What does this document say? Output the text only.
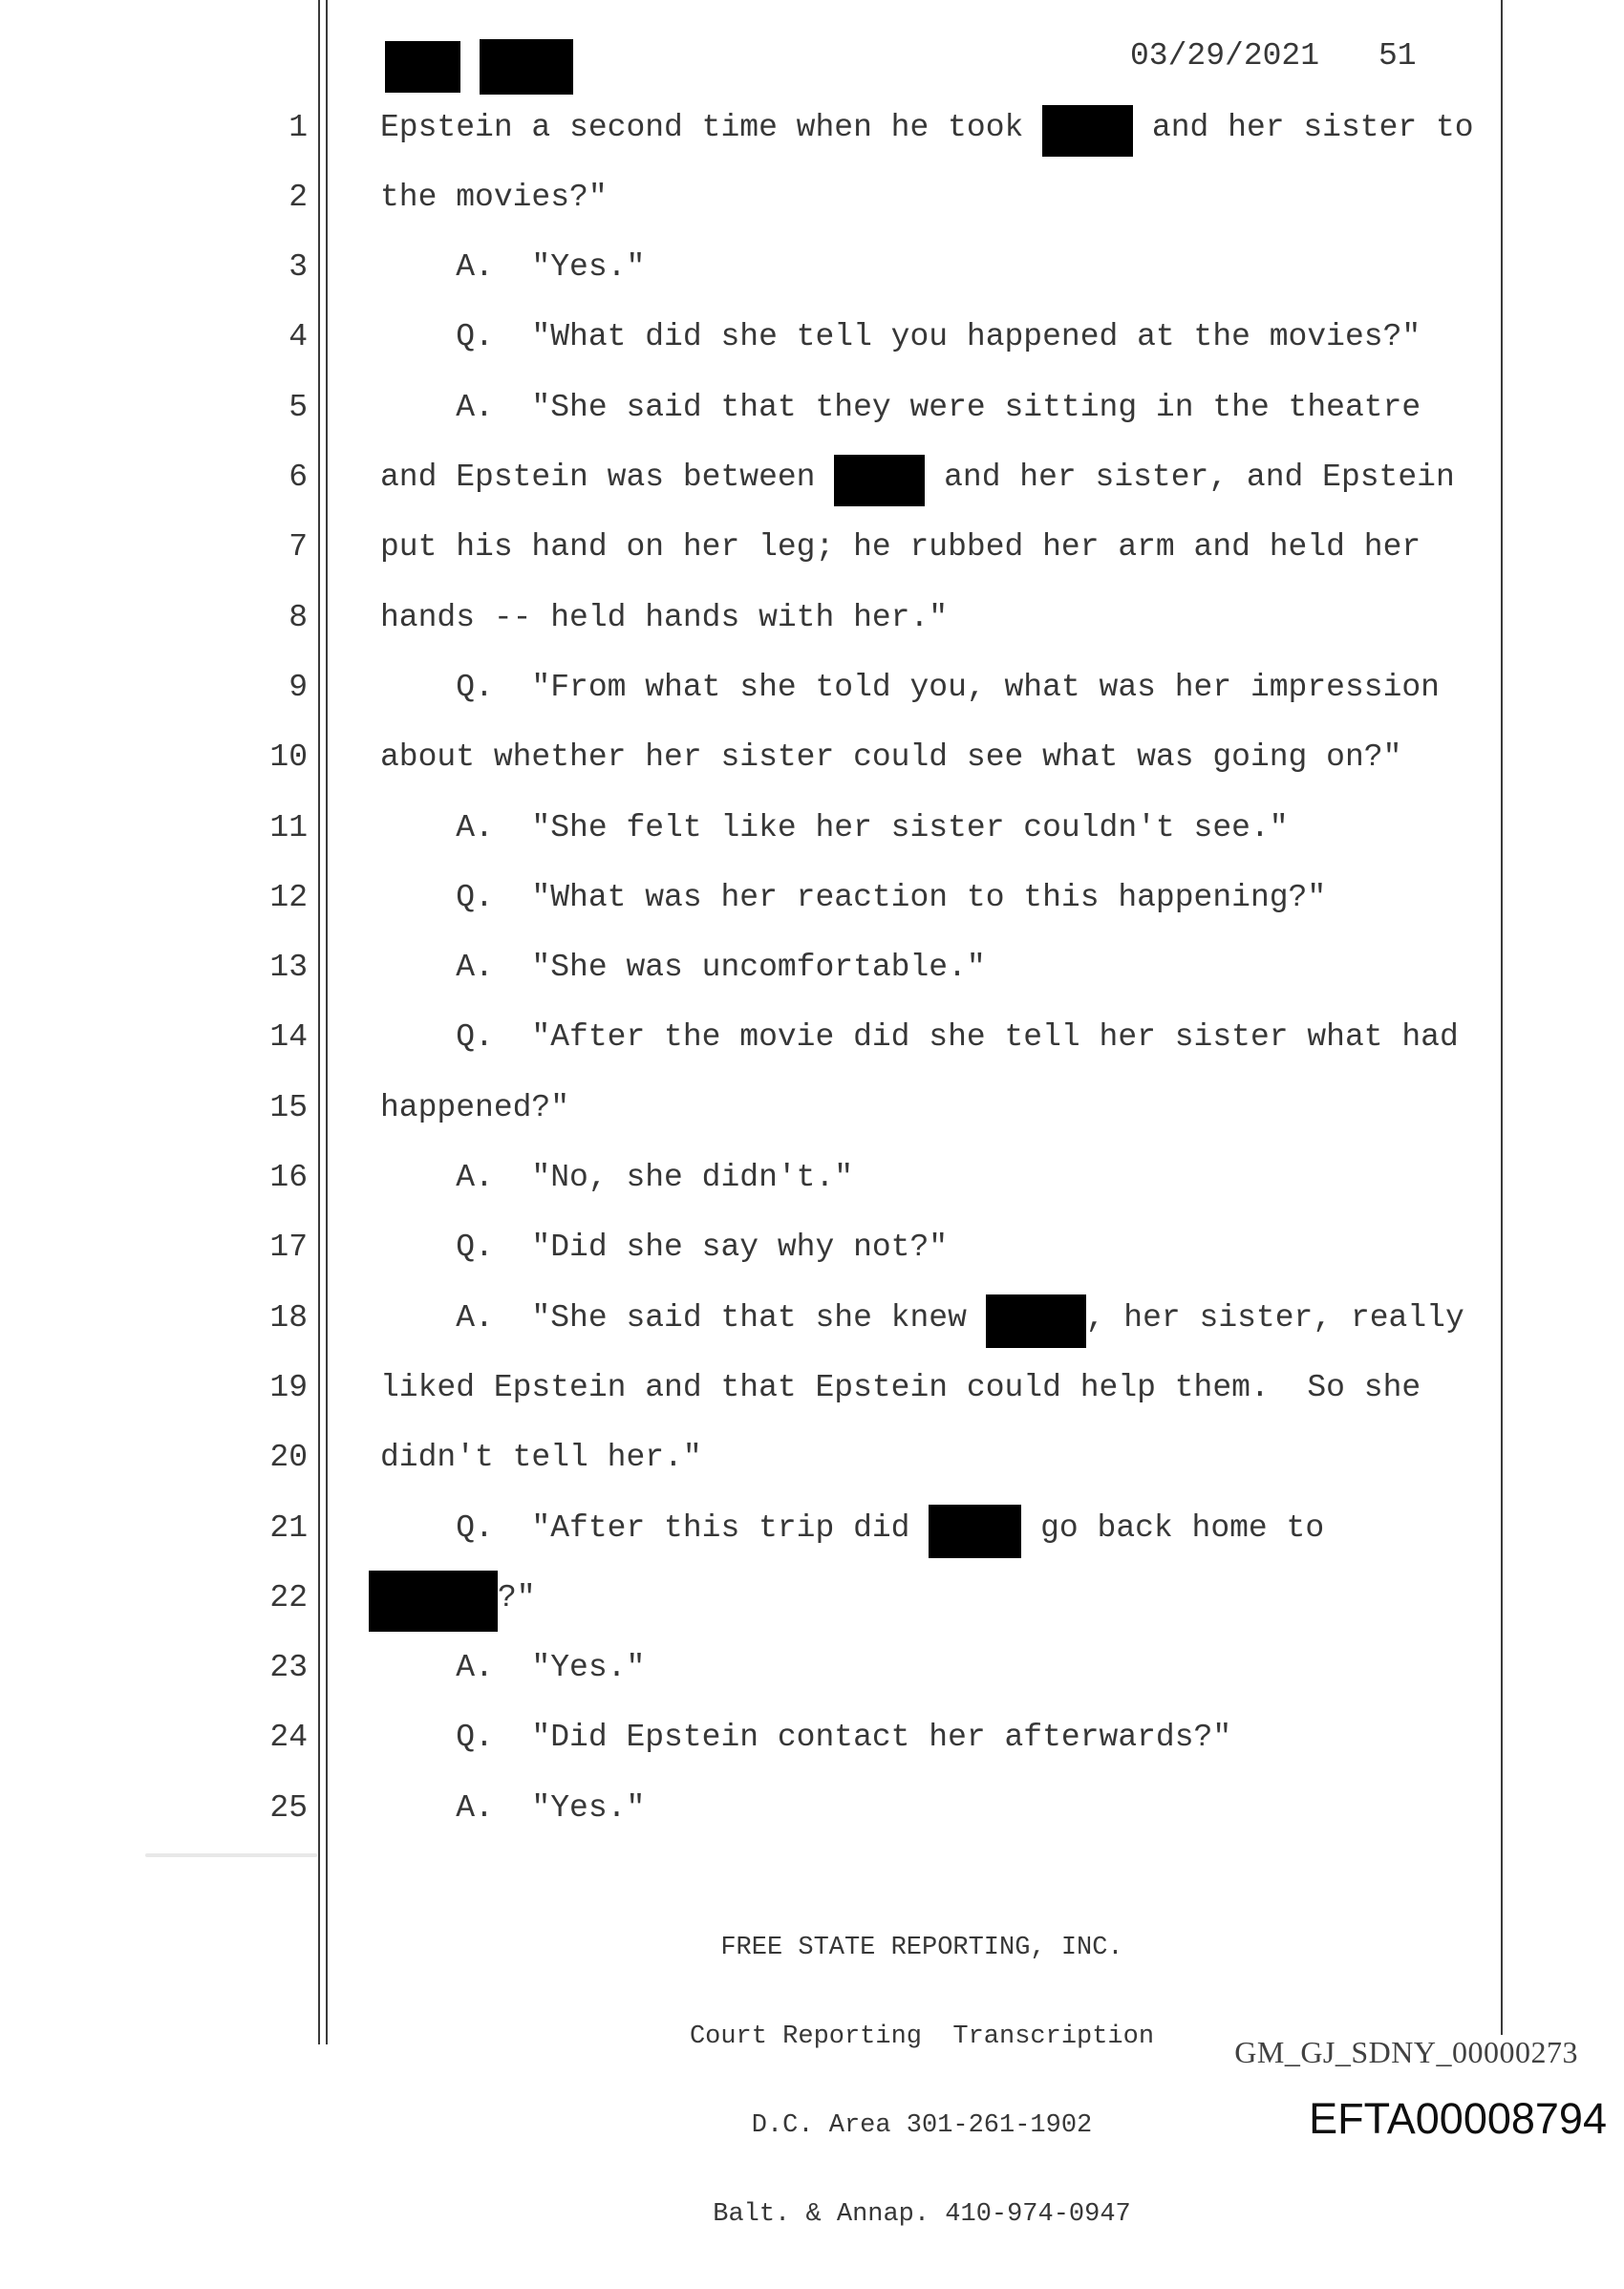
03/29/2021 51
1 Epstein a second time when he took	and her sister to
2 the movies?"
3 A.  "Yes."
4 Q.  "What did she tell you happened at the movies?"
5 A.  "She said that they were sitting in the theatre
6 and Epstein was between	and her sister, and Epstein
7 put his hand on her leg; he rubbed her arm and held her
8 hands -- held hands with her."
9 Q.  "From what she told you, what was her impression
10 about whether her sister could see what was going on?"
11 A.  "She felt like her sister couldn't see."
12 Q.  "What was her reaction to this happening?"
13 A.  "She was uncomfortable."
14 Q.  "After the movie did she tell her sister what had
15 happened?"
16 A.  "No, she didn't."
17 Q.  "Did she say why not?"
18 A.  "She said that she knew	, her sister, really
19 liked Epstein and that Epstein could help them.  So she
20 didn't tell her."
21 Q.  "After this trip did	go back home to
22	?"
23 A.  "Yes."
24 Q.  "Did Epstein contact her afterwards?"
25 A.  "Yes."

FREE STATE REPORTING, INC.

Court Reporting  Transcription

D.C. Area 301-261-1902

Balt. & Annap. 410-974-0947

GM_GJ_SDNY_00000273
EFTA00008794
